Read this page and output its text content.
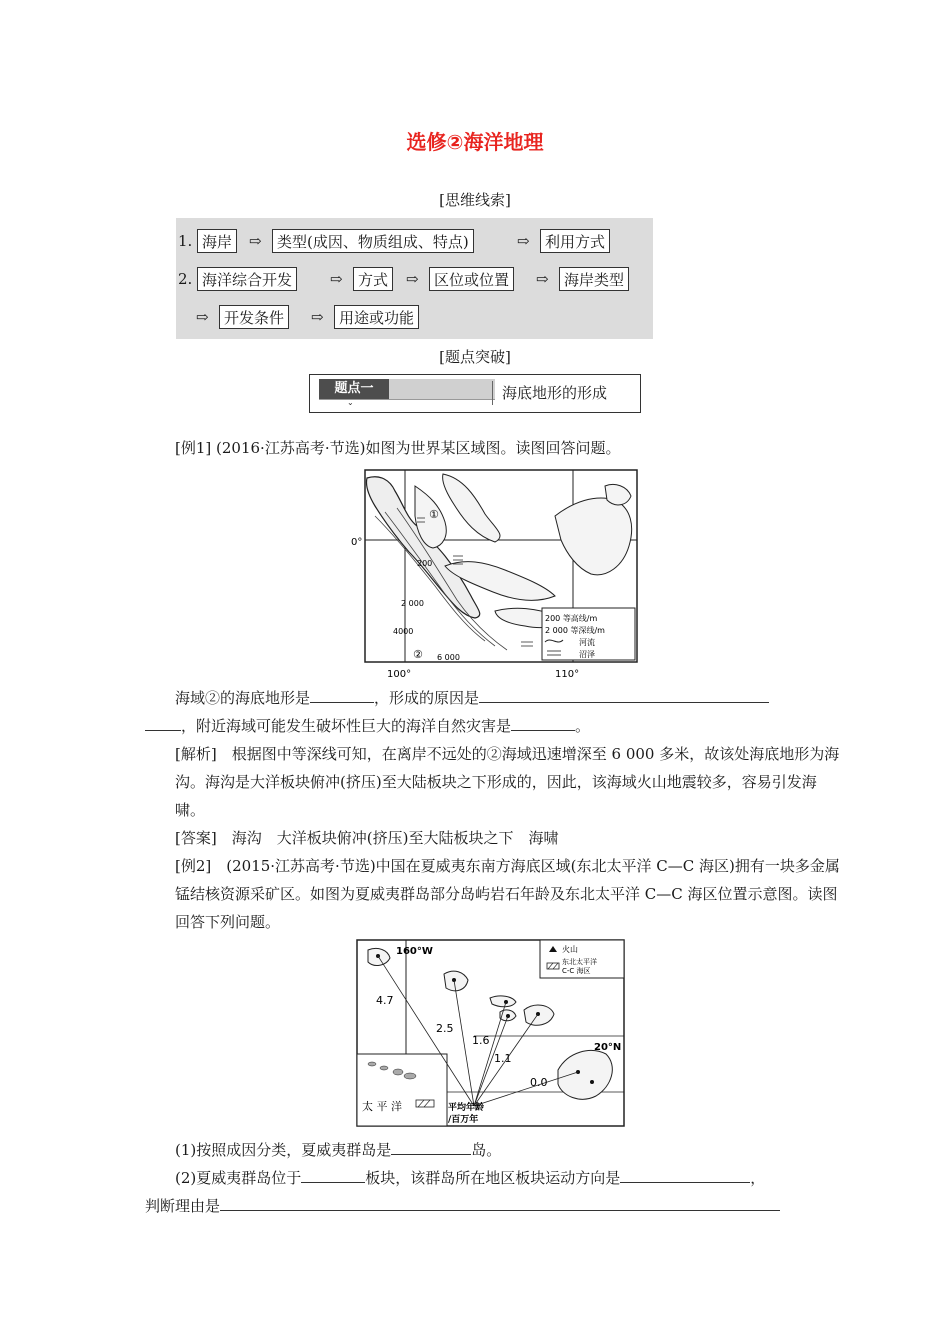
选修②海洋地理
[思维线索]
1. 海岸	⇨	类型(成因、物质组成、特点)	⇨	利用方式
2. 海洋综合开发	⇨	方式	⇨	区位或位置	⇨	海岸类型
⇨	开发条件	⇨	用途或功能
[题点突破]
题点一
⌄
海底地形的形成
[例1] (2016·江苏高考·节选)如图为世界某区域图。读图回答问题。
0°
100°	110°
①
②
200
2 000
4000
6 000
200 等高线/m
2 000 等深线/m
河流
沼泽
海域②的海底地形是	，形成的原因是
，附近海域可能发生破坏性巨大的海洋自然灾害是	。
[解析]　 根据图中等深线可知，在离岸不远处的②海域迅速增深至 6 000 多米，故该处海底地形为海沟。海沟是大洋板块俯冲(挤压)至大陆板块之下形成的，因此，该海域火山地震较多，容易引发海啸。
[答案]　 海沟　大洋板块俯冲(挤压)至大陆板块之下　海啸
[例2]　 (2015·江苏高考·节选)中国在夏威夷东南方海底区域(东北太平洋 C—C 海区)拥有一块多金属锰结核资源采矿区。如图为夏威夷群岛部分岛屿岩石年龄及东北太平洋 C—C 海区位置示意图。读图回答下列问题。
火山
东北太平洋
C-C 海区
160°W
20°N
4.7
2.5
1.6
1.1
0.0
太 平 洋	平均年龄
/百万年
(1)按照成因分类，夏威夷群岛是	岛。
(2)夏威夷群岛位于	板块，该群岛所在地区板块运动方向是	，
判断理由是
